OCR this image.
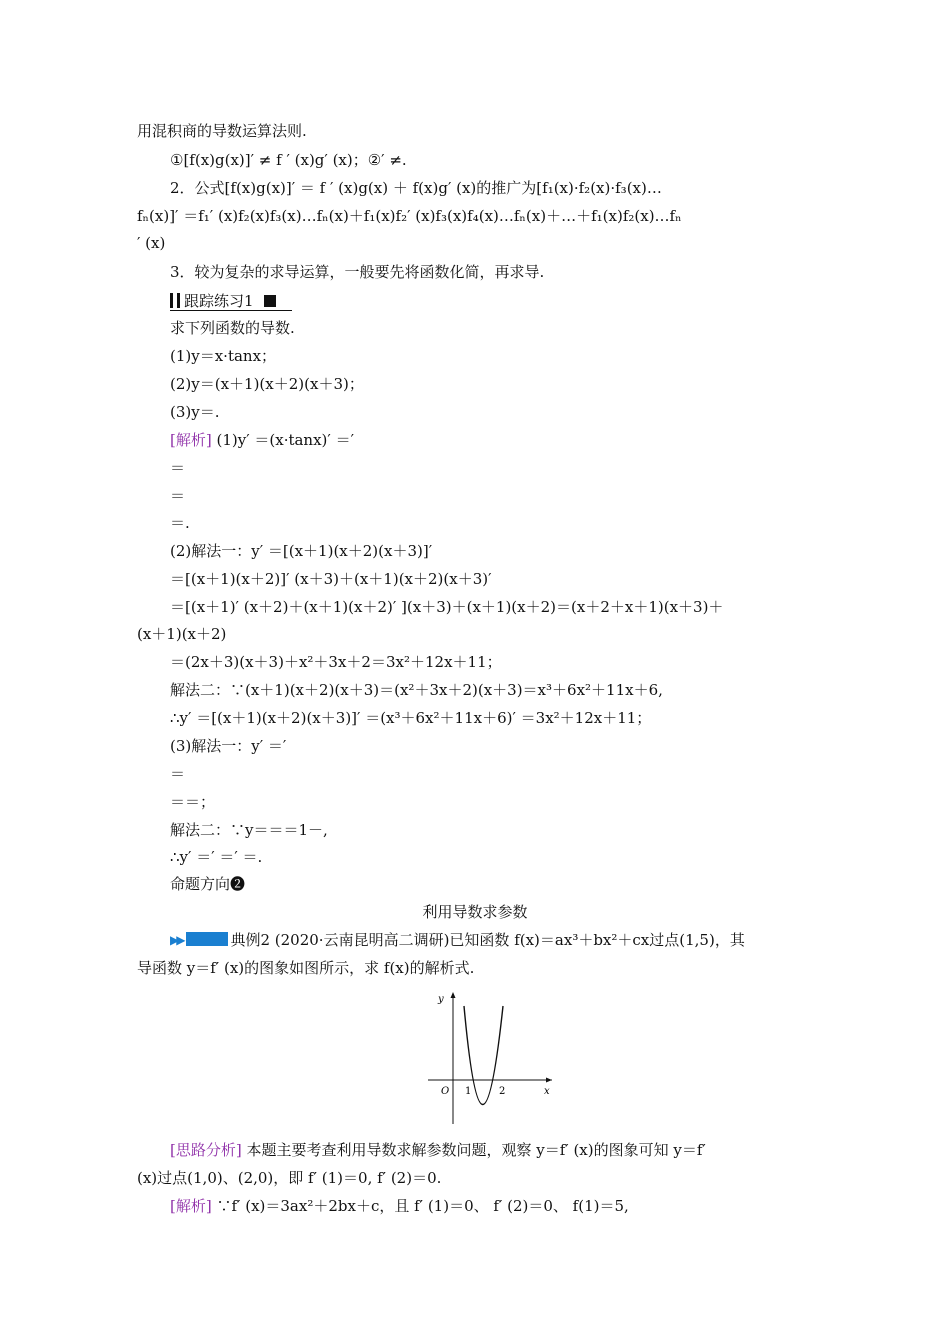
用混积商的导数运算法则.
①[f(x)g(x)]′ ≠ f ′ (x)g′ (x)；②′ ≠.
2．公式[f(x)g(x)]′ ＝ f ′ (x)g(x) ＋ f(x)g′ (x)的推广为[f₁(x)·f₂(x)·f₃(x)…
fₙ(x)]′ ＝f₁′ (x)f₂(x)f₃(x)…fₙ(x)＋f₁(x)f₂′ (x)f₃(x)f₄(x)…fₙ(x)＋…＋f₁(x)f₂(x)…fₙ
′ (x)
3．较为复杂的求导运算，一般要先将函数化简，再求导.
跟踪练习1
求下列函数的导数.
(1)y＝x·tanx；
(2)y＝(x＋1)(x＋2)(x＋3)；
(3)y＝.
[解析] (1)y′ ＝(x·tanx)′ ＝′
＝
＝
＝.
(2)解法一：y′ ＝[(x＋1)(x＋2)(x＋3)]′
＝[(x＋1)(x＋2)]′ (x＋3)＋(x＋1)(x＋2)(x＋3)′
＝[(x＋1)′ (x＋2)＋(x＋1)(x＋2)′ ](x＋3)＋(x＋1)(x＋2)＝(x＋2＋x＋1)(x＋3)＋
(x＋1)(x＋2)
＝(2x＋3)(x＋3)＋x²＋3x＋2＝3x²＋12x＋11；
解法二：∵(x＋1)(x＋2)(x＋3)＝(x²＋3x＋2)(x＋3)＝x³＋6x²＋11x＋6,
∴y′ ＝[(x＋1)(x＋2)(x＋3)]′ ＝(x³＋6x²＋11x＋6)′ ＝3x²＋12x＋11；
(3)解法一：y′ ＝′
＝
＝＝；
解法二：∵y＝＝＝1－,
∴y′ ＝′ ＝′ ＝.
命题方向❷
利用导数求参数
▶▶	典例2 (2020·云南昆明高二调研)已知函数 f(x)＝ax³＋bx²＋cx过点(1,5)，其
导函数 y＝f′ (x)的图象如图所示，求 f(x)的解析式.
y
x
O 1	2
[思路分析] 本题主要考查利用导数求解参数问题，观察 y＝f′ (x)的图象可知 y＝f′
(x)过点(1,0)、(2,0)，即 f′ (1)＝0, f′ (2)＝0.
[解析] ∵f′ (x)＝3ax²＋2bx＋c，且 f′ (1)＝0、 f′ (2)＝0、 f(1)＝5,
